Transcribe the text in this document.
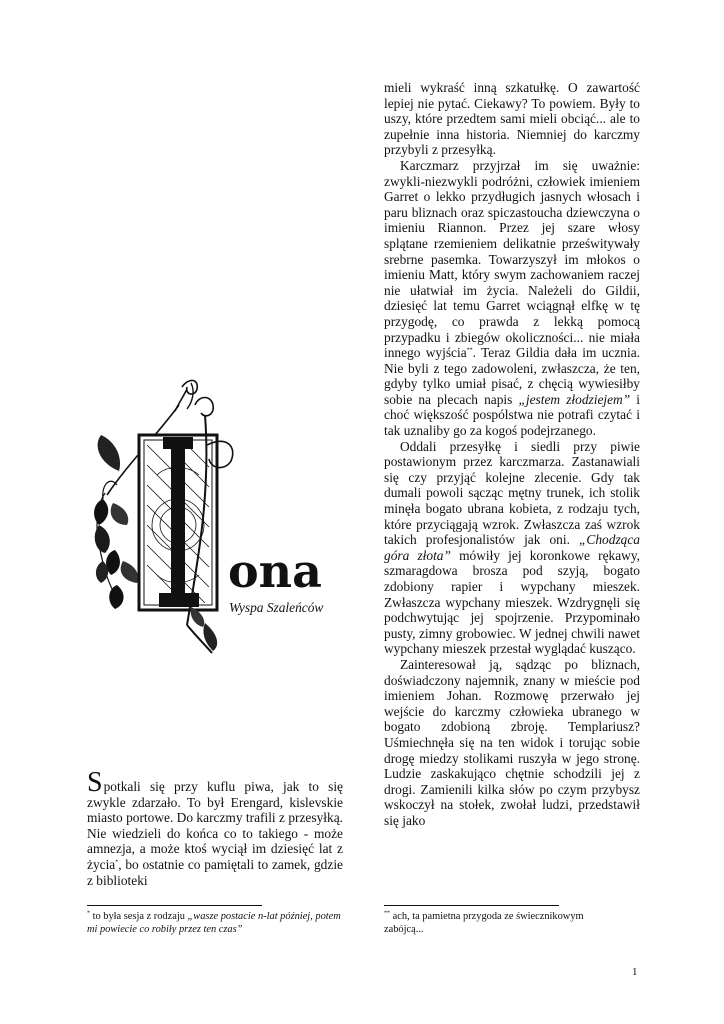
ona
Wyspa Szaleńców

Spotkali się przy kuflu piwa, jak to się zwykle zdarzało. To był Erengard, kislevskie miasto portowe. Do karczmy trafili z przesyłką. Nie wiedzieli do końca co to takiego - może amnezja, a może ktoś wyciął im dziesięć lat z życia*, bo ostatnie co pamiętali to zamek, gdzie z biblioteki

mieli wykraść inną szkatułkę. O zawartość lepiej nie pytać. Ciekawy? To powiem. Były to uszy, które przedtem sami mieli obciąć... ale to zupełnie inna historia. Niemniej do karczmy przybyli z przesyłką.

Karczmarz przyjrzał im się uważnie: zwykli-niezwykli podróżni, człowiek imieniem Garret o lekko przydługich jasnych włosach i paru bliznach oraz spiczastoucha dziewczyna o imieniu Riannon. Przez jej szare włosy splątane rzemieniem delikatnie prześwitywały srebrne pasemka. Towarzyszył im młokos o imieniu Matt, który swym zachowaniem raczej nie ułatwiał im życia. Należeli do Gildii, dziesięć lat temu Garret wciągnął elfkę w tę przygodę, co prawda z lekką pomocą przypadku i zbiegów okoliczności... nie miała innego wyjścia**. Teraz Gildia dała im ucznia. Nie byli z tego zadowoleni, zwłaszcza, że ten, gdyby tylko umiał pisać, z chęcią wywiesiłby sobie na plecach napis „jestem złodziejem” i choć większość pospólstwa nie potrafi czytać i tak uznaliby go za kogoś podejrzanego.

Oddali przesyłkę i siedli przy piwie postawionym przez karczmarza. Zastanawiali się czy przyjąć kolejne zlecenie. Gdy tak dumali powoli sącząc mętny trunek, ich stolik minęła bogato ubrana kobieta, z rodzaju tych, które przyciągają wzrok. Zwłaszcza zaś wzrok takich profesjonalistów jak oni. „Chodząca góra złota” mówiły jej koronkowe rękawy, szmaragdowa brosza pod szyją, bogato zdobiony rapier i wypchany mieszek. Zwłaszcza wypchany mieszek. Wzdrygnęli się podchwytując jej spojrzenie. Przypominało pusty, zimny grobowiec. W jednej chwili nawet wypchany mieszek przestał wyglądać kusząco.

Zainteresował ją, sądząc po bliznach, doświadczony najemnik, znany w mieście pod imieniem Johan. Rozmowę przerwało jej wejście do karczmy człowieka ubranego w bogato zdobioną zbroję. Templariusz? Uśmiechnęła się na ten widok i torując sobie drogę miedzy stolikami ruszyła w jego stronę. Ludzie zaskakująco chętnie schodzili jej z drogi. Zamienili kilka słów po czym przybysz wskoczył na stołek, zwołał ludzi, przedstawił się jako

* to była sesja z rodzaju „wasze postacie n-lat później, potem mi powiecie co robiły przez ten czas”
** ach, ta pamietna przygoda ze świecznikowym zabójcą...
1
